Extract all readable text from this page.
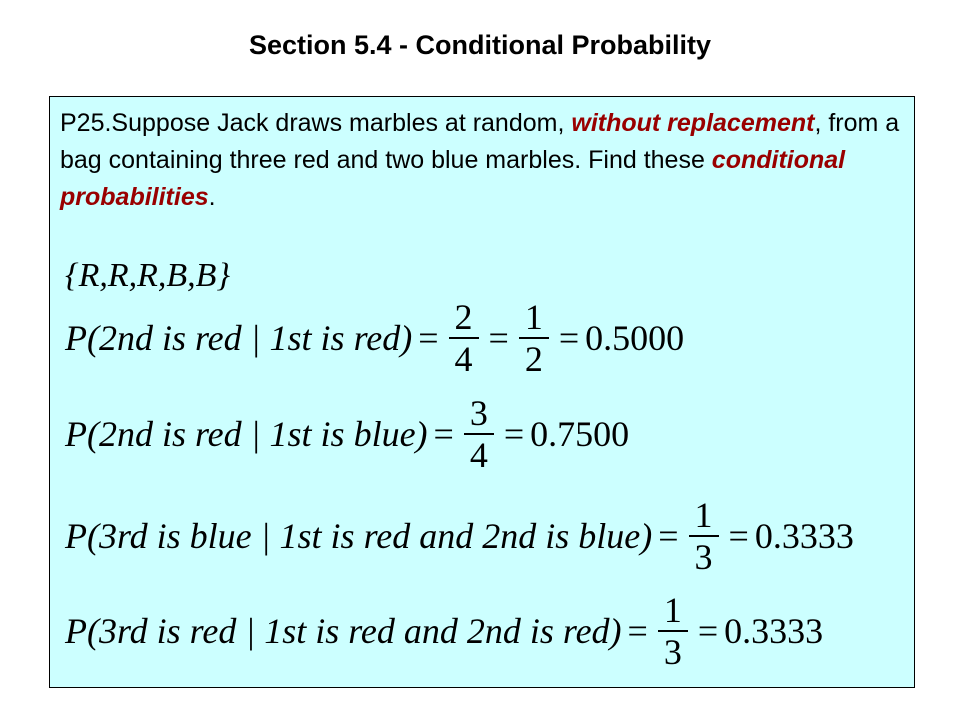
Section 5.4 - Conditional Probability
P25.Suppose Jack draws marbles at random, without replacement, from a bag containing three red and two blue marbles. Find these conditional probabilities.
{R,R,R,B,B}
P(2nd is red | 1st is $red) = \frac{2}{4} = \frac{1}{2} = 0.5000$
P(2nd is red | 1st is blue) = $\frac{3}{4} = 0.7500$
P(3rd is blue | 1st is red and 2nd is blue) = $\frac{1}{3} = 0.3333$
P(3rd is red | 1st is red and 2nd is $red) = \frac{1}{3} = 0.3333$
